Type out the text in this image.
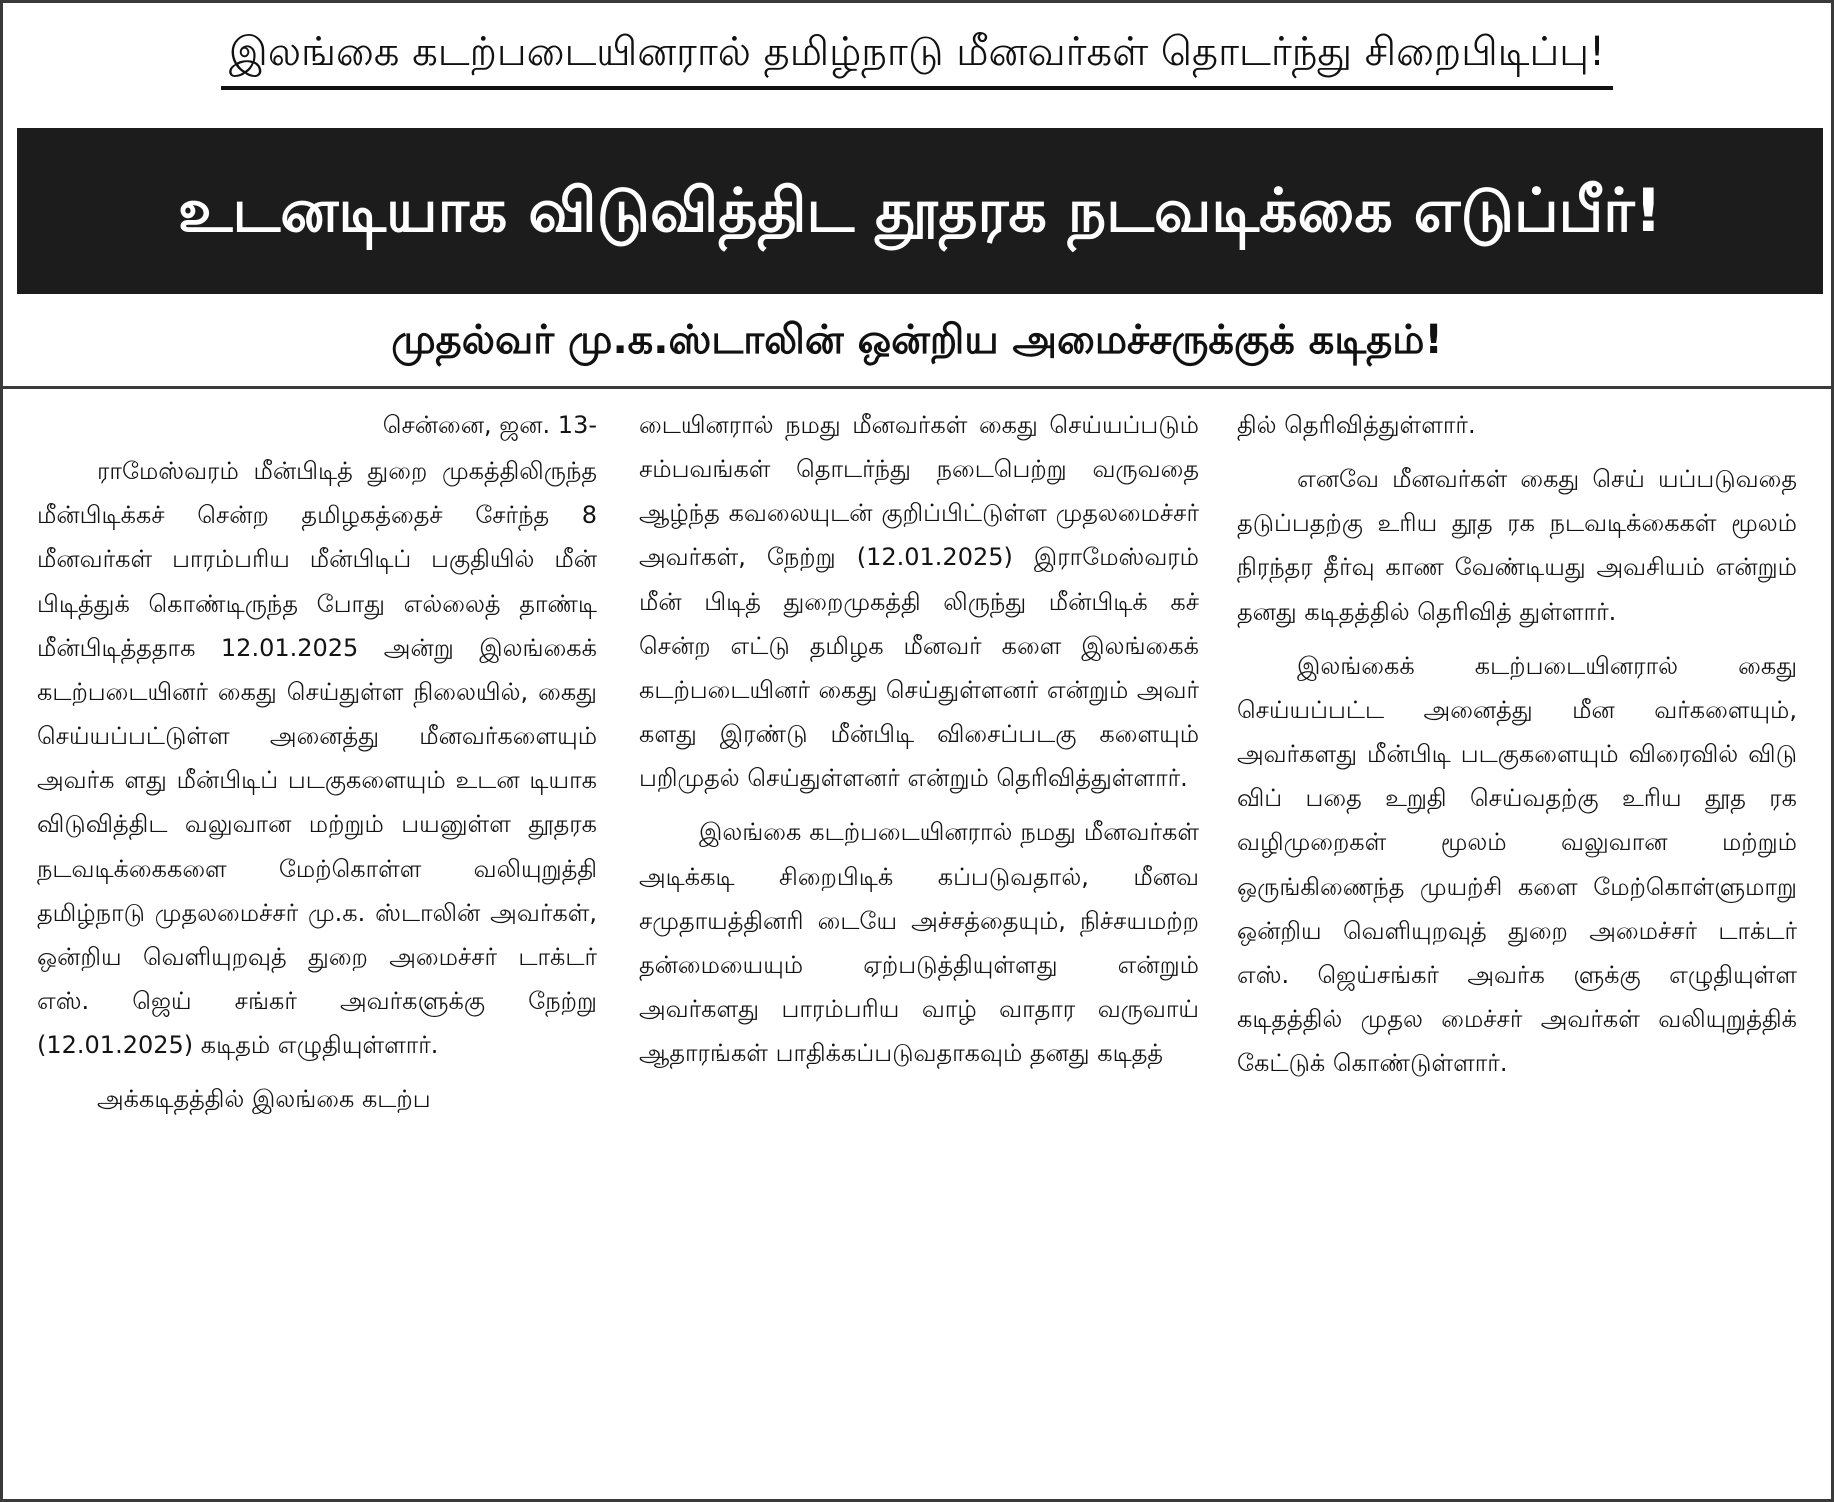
இலங்கை கடற்படையினரால் தமிழ்நாடு மீனவர்கள் தொடர்ந்து சிறைபிடிப்பு!
உடனடியாக விடுவித்திட தூதரக நடவடிக்கை எடுப்பீர்!
முதல்வர் மு.க.ஸ்டாலின் ஒன்றிய அமைச்சருக்குக் கடிதம்!

சென்னை, ஜன. 13-

ராமேஸ்வரம் மீன்பிடித் துறை முகத்திலிருந்த மீன்பிடிக்கச் சென்ற தமிழகத்தைச் சேர்ந்த 8 மீனவர்கள் பாரம்பரிய மீன்பிடிப் பகுதியில் மீன் பிடித்துக் கொண்டிருந்த போது எல்லைத் தாண்டி மீன்பிடித்ததாக 12.01.2025 அன்று இலங்கைக் கடற்படையினர் கைது செய்துள்ள நிலையில், கைது செய்யப்பட்டுள்ள அனைத்து மீனவர்களையும் அவர்க ளது மீன்பிடிப் படகுகளையும் உடன டியாக விடுவித்திட வலுவான மற்றும் பயனுள்ள தூதரக நடவடிக்கைகளை மேற்கொள்ள வலியுறுத்தி தமிழ்நாடு முதலமைச்சர் மு.க. ஸ்டாலின் அவர்கள், ஒன்றிய வெளியுறவுத் துறை அமைச்சர் டாக்டர் எஸ். ஜெய் சங்கர் அவர்களுக்கு நேற்று (12.01.2025) கடிதம் எழுதியுள்ளார்.

அக்கடிதத்தில் இலங்கை கடற்ப

டையினரால் நமது மீனவர்கள் கைது செய்யப்படும் சம்பவங்கள் தொடர்ந்து நடைபெற்று வருவதை ஆழ்ந்த கவலையுடன் குறிப்பிட்டுள்ள முதலமைச்சர் அவர்கள், நேற்று (12.01.2025) இராமேஸ்வரம் மீன் பிடித் துறைமுகத்தி லிருந்து மீன்பிடிக் கச் சென்ற எட்டு தமிழக மீனவர் களை இலங்கைக் கடற்படையினர் கைது செய்துள்ளனர் என்றும் அவர் களது இரண்டு மீன்பிடி விசைப்படகு களையும் பறிமுதல் செய்துள்ளனர் என்றும் தெரிவித்துள்ளார்.

இலங்கை கடற்படையினரால் நமது மீனவர்கள் அடிக்கடி சிறைபிடிக் கப்படுவதால், மீனவ சமுதாயத்தினரி டையே அச்சத்தையும், நிச்சயமற்ற தன்மையையும் ஏற்படுத்தியுள்ளது என்றும் அவர்களது பாரம்பரிய வாழ் வாதார வருவாய் ஆதாரங்கள் பாதிக்கப்படுவதாகவும் தனது கடிதத்

தில் தெரிவித்துள்ளார்.

எனவே மீனவர்கள் கைது செய் யப்படுவதை தடுப்பதற்கு உரிய தூத ரக நடவடிக்கைகள் மூலம் நிரந்தர தீர்வு காண வேண்டியது அவசியம் என்றும் தனது கடிதத்தில் தெரிவித் துள்ளார்.

இலங்கைக் கடற்படையினரால் கைது செய்யப்பட்ட அனைத்து மீன வர்களையும், அவர்களது மீன்பிடி படகுகளையும் விரைவில் விடு விப் பதை உறுதி செய்வதற்கு உரிய தூத ரக வழிமுறைகள் மூலம் வலுவான மற்றும் ஒருங்கிணைந்த முயற்சி களை மேற்கொள்ளுமாறு ஒன்றிய வெளியுறவுத் துறை அமைச்சர் டாக்டர் எஸ். ஜெய்சங்கர் அவர்க ளுக்கு எழுதியுள்ள கடிதத்தில் முதல மைச்சர் அவர்கள் வலியுறுத்திக் கேட்டுக் கொண்டுள்ளார்.
